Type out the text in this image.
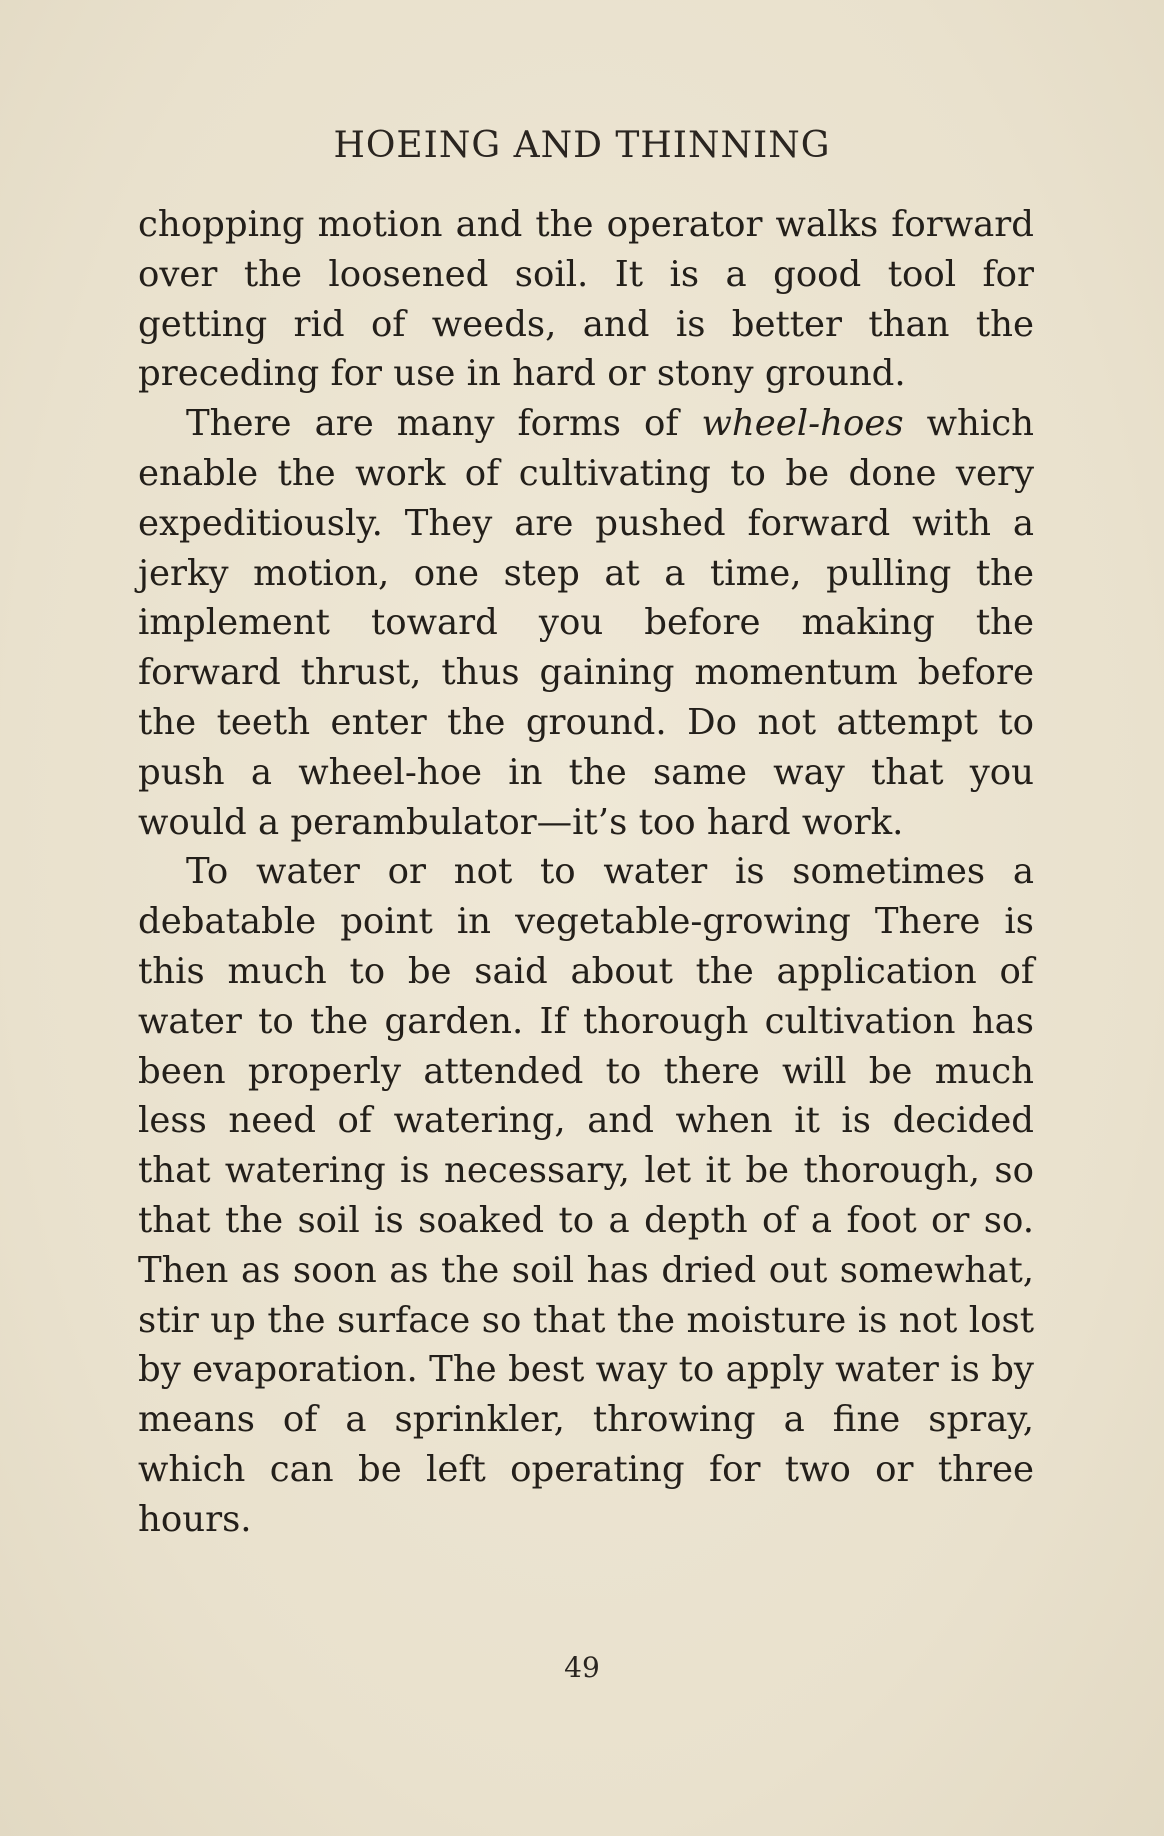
HOEING AND THINNING

chopping motion and the operator walks forward over the loosened soil. It is a good tool for getting rid of weeds, and is better than the preceding for use in hard or stony ground.

There are many forms of wheel-hoes which enable the work of cultivating to be done very expeditiously. They are pushed forward with a jerky motion, one step at a time, pulling the implement toward you before making the forward thrust, thus gaining momentum before the teeth enter the ground. Do not attempt to push a wheel-hoe in the same way that you would a perambulator—it’s too hard work.

To water or not to water is sometimes a debatable point in vegetable-growing There is this much to be said about the application of water to the garden. If thorough cultivation has been properly attended to there will be much less need of watering, and when it is decided that watering is necessary, let it be thorough, so that the soil is soaked to a depth of a foot or so. Then as soon as the soil has dried out somewhat, stir up the surface so that the moisture is not lost by evaporation. The best way to apply water is by means of a sprinkler, throwing a fine spray, which can be left operating for two or three hours.

49
